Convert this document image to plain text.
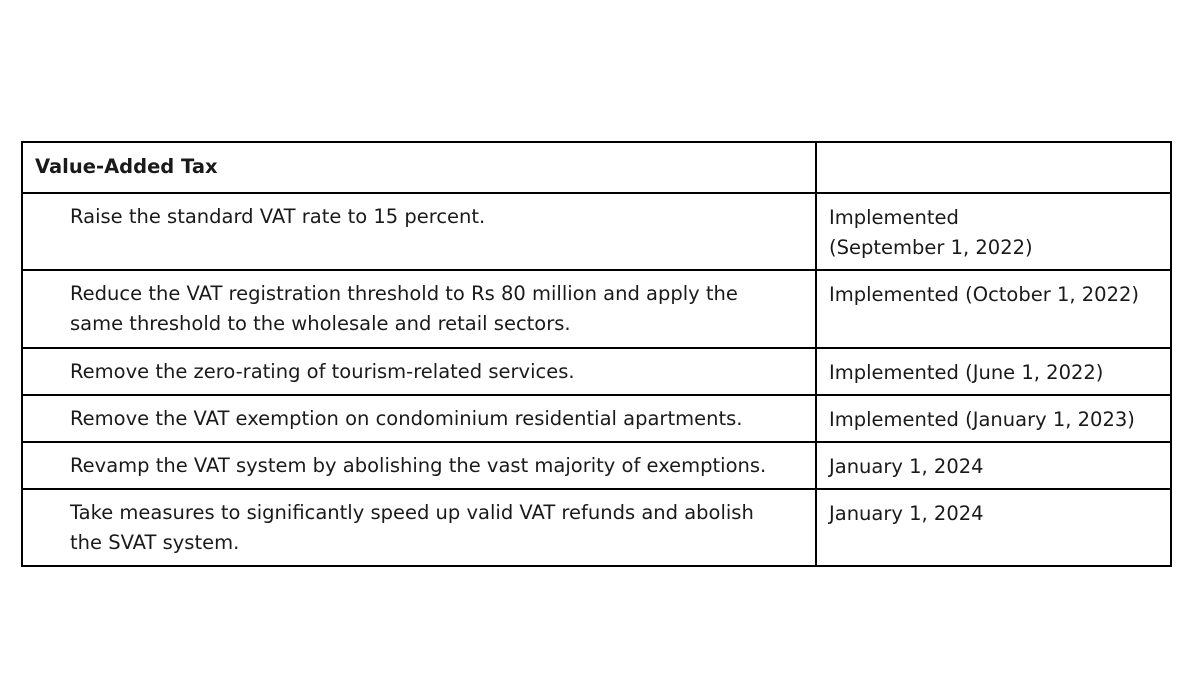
Value-Added Tax	
Raise the standard VAT rate to 15 percent.	Implemented
(September 1, 2022)

Reduce the VAT registration threshold to Rs 80 million and apply the
same threshold to the wholesale and retail sectors.	Implemented (October 1, 2022)
Remove the zero-rating of tourism-related services.	Implemented (June 1, 2022)
Remove the VAT exemption on condominium residential apartments.	Implemented (January 1, 2023)
Revamp the VAT system by abolishing the vast majority of exemptions.	January 1, 2024

Take measures to significantly speed up valid VAT refunds and abolish
the SVAT system.	January 1, 2024
